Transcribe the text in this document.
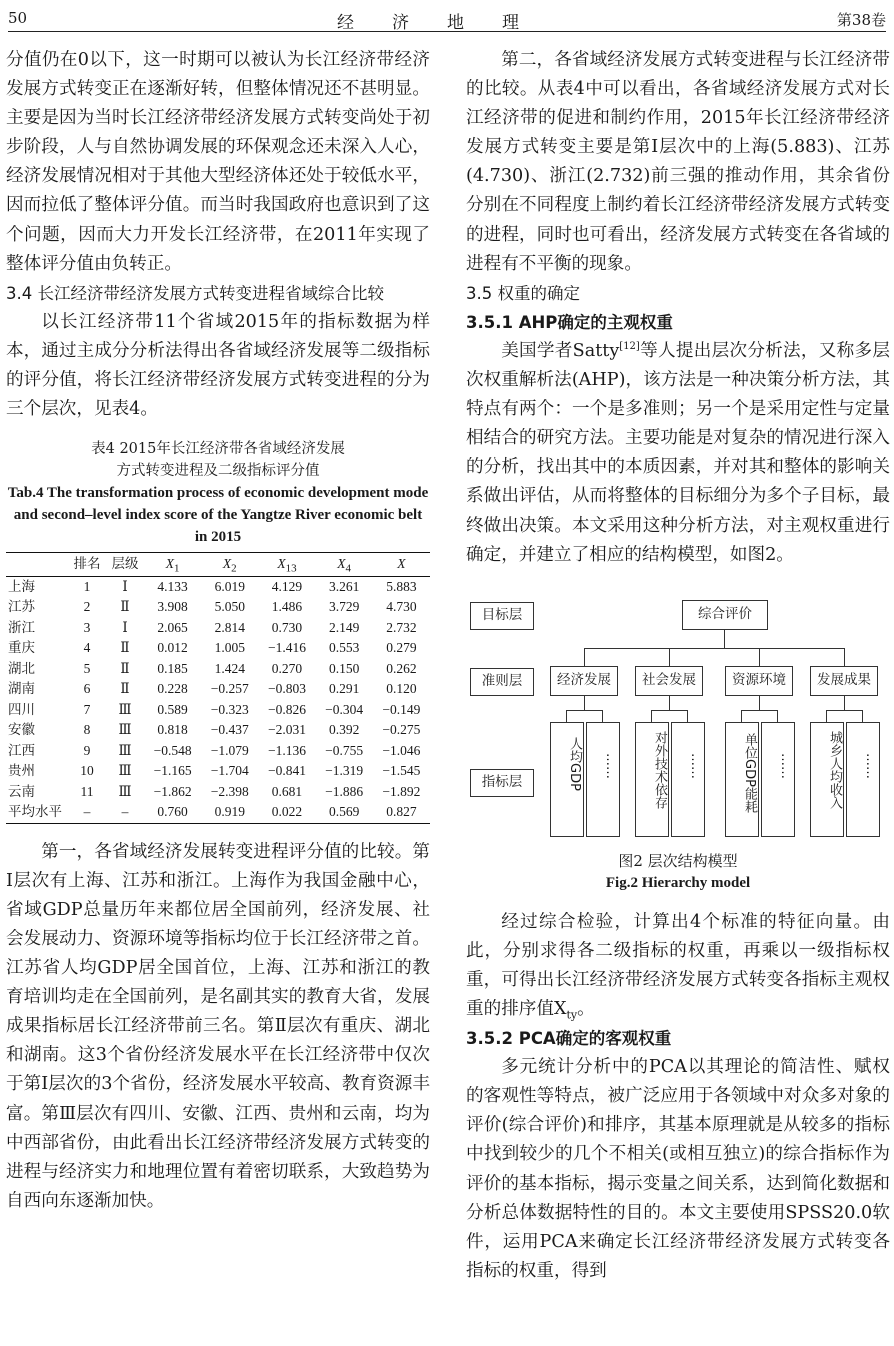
50	经济地理	第38卷

分值仍在0以下，这一时期可以被认为长江经济带经济发展方式转变正在逐渐好转，但整体情况还不甚明显。主要是因为当时长江经济带经济发展方式转变尚处于初步阶段，人与自然协调发展的环保观念还未深入人心，经济发展情况相对于其他大型经济体还处于较低水平，因而拉低了整体评分值。而当时我国政府也意识到了这个问题，因而大力开发长江经济带，在2011年实现了整体评分值由负转正。

3.4 长江经济带经济发展方式转变进程省域综合比较

以长江经济带11个省域2015年的指标数据为样本，通过主成分分析法得出各省域经济发展等二级指标的评分值，将长江经济带经济发展方式转变进程的分为三个层次，见表4。

表4 2015年长江经济带各省域经济发展
方式转变进程及二级指标评分值
Tab.4 The transformation process of economic development mode and second–level index score of the Yangtze River economic belt in 2015
	排名	层级	$X_1$	$X_2$	$X_{13}$	$X_4$	X
上海	1	Ⅰ	4.133	6.019	4.129	3.261	5.883
江苏	2	Ⅱ	3.908	5.050	1.486	3.729	4.730
浙江	3	Ⅰ	2.065	2.814	0.730	2.149	2.732
重庆	4	Ⅱ	0.012	1.005	−1.416	0.553	0.279
湖北	5	Ⅱ	0.185	1.424	0.270	0.150	0.262
湖南	6	Ⅱ	0.228	−0.257	−0.803	0.291	0.120
四川	7	Ⅲ	0.589	−0.323	−0.826	−0.304	−0.149
安徽	8	Ⅲ	0.818	−0.437	−2.031	0.392	−0.275
江西	9	Ⅲ	−0.548	−1.079	−1.136	−0.755	−1.046
贵州	10	Ⅲ	−1.165	−1.704	−0.841	−1.319	−1.545
云南	11	Ⅲ	−1.862	−2.398	0.681	−1.886	−1.892
平均水平	–	–	0.760	0.919	0.022	0.569	0.827

第一，各省域经济发展转变进程评分值的比较。第Ⅰ层次有上海、江苏和浙江。上海作为我国金融中心，省域GDP总量历年来都位居全国前列，经济发展、社会发展动力、资源环境等指标均位于长江经济带之首。江苏省人均GDP居全国首位，上海、江苏和浙江的教育培训均走在全国前列，是名副其实的教育大省，发展成果指标居长江经济带前三名。第Ⅱ层次有重庆、湖北和湖南。这3个省份经济发展水平在长江经济带中仅次于第Ⅰ层次的3个省份，经济发展水平较高、教育资源丰富。第Ⅲ层次有四川、安徽、江西、贵州和云南，均为中西部省份，由此看出长江经济带经济发展方式转变的进程与经济实力和地理位置有着密切联系，大致趋势为自西向东逐渐加快。

第二，各省域经济发展方式转变进程与长江经济带的比较。从表4中可以看出，各省域经济发展方式对长江经济带的促进和制约作用，2015年长江经济带经济发展方式转变主要是第Ⅰ层次中的上海(5.883)、江苏(4.730)、浙江(2.732)前三强的推动作用，其余省份分别在不同程度上制约着长江经济带经济发展方式转变的进程，同时也可看出，经济发展方式转变在各省域的进程有不平衡的现象。

3.5 权重的确定

3.5.1 AHP确定的主观权重

美国学者Satty[12]等人提出层次分析法，又称多层次权重解析法(AHP)，该方法是一种决策分析方法，其特点有两个：一个是多准则；另一个是采用定性与定量相结合的研究方法。主要功能是对复杂的情况进行深入的分析，找出其中的本质因素，并对其和整体的影响关系做出评估，从而将整体的目标细分为多个子目标，最终做出决策。本文采用这种分析方法，对主观权重进行确定，并建立了相应的结构模型，如图2。

目标层
准则层
指标层
综合评价
经济发展	社会发展	资源环境	发展成果
人均GDP	……	对外技术依存	……	单位GDP能耗	……	城乡人均收入	……
图2 层次结构模型
Fig.2 Hierarchy model

经过综合检验，计算出4个标准的特征向量。由此，分别求得各二级指标的权重，再乘以一级指标权重，可得出长江经济带经济发展方式转变各指标主观权重的排序值$X_{ty}$。

3.5.2 PCA确定的客观权重

多元统计分析中的PCA以其理论的简洁性、赋权的客观性等特点，被广泛应用于各领域中对众多对象的评价(综合评价)和排序，其基本原理就是从较多的指标中找到较少的几个不相关(或相互独立)的综合指标作为评价的基本指标，揭示变量之间关系，达到简化数据和分析总体数据特性的目的。本文主要使用SPSS20.0软件，运用PCA来确定长江经济带经济发展方式转变各指标的权重，得到
